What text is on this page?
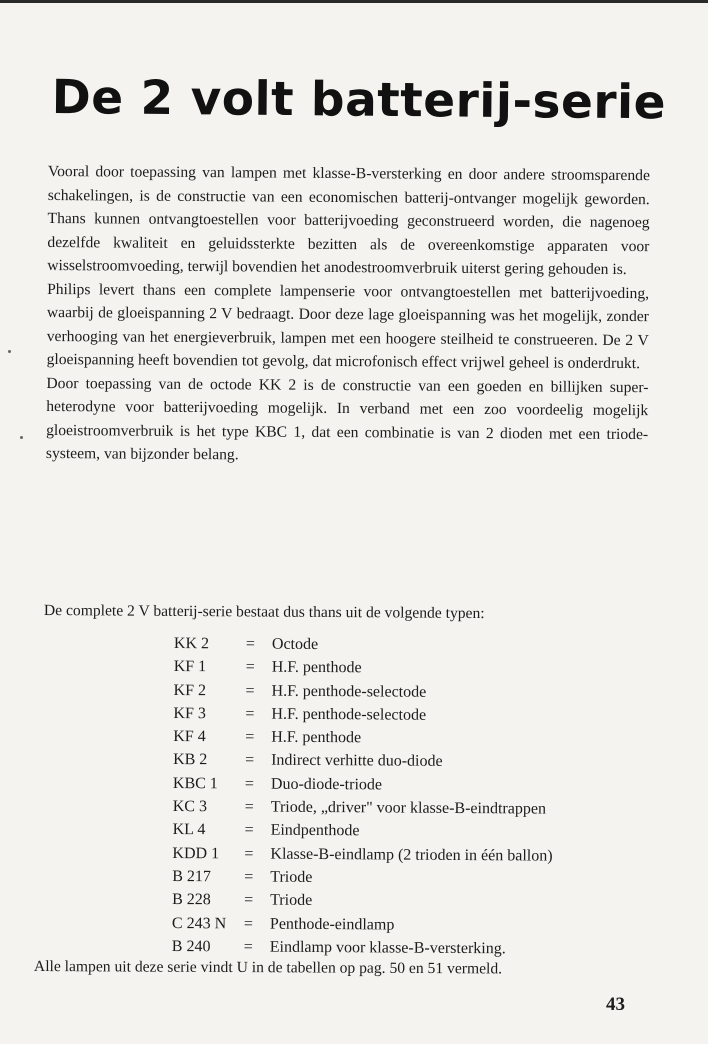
De 2 volt batterij-serie

Vooral door toepassing van lampen met klasse-B-versterking en door andere stroomsparende schakelingen, is de constructie van een economischen batterij-ontvanger mogelijk geworden. Thans kunnen ontvangtoestellen voor batterijvoeding geconstrueerd worden, die nagenoeg dezelfde kwaliteit en geluidssterkte bezitten als de overeenkomstige apparaten voor wisselstroomvoeding, terwijl bovendien het anodestroomverbruik uiterst gering gehouden is.

Philips levert thans een complete lampenserie voor ontvangtoestellen met batterijvoeding, waarbij de gloeispanning 2 V bedraagt. Door deze lage gloeispanning was het mogelijk, zonder verhooging van het energieverbruik, lampen met een hoogere steilheid te construeeren. De 2 V gloeispanning heeft bovendien tot gevolg, dat microfonisch effect vrijwel geheel is onderdrukt.

Door toepassing van de octode KK 2 is de constructie van een goeden en billijken super-heterodyne voor batterijvoeding mogelijk. In verband met een zoo voordeelig mogelijk gloeistroomverbruik is het type KBC 1, dat een combinatie is van 2 dioden met een triode-systeem, van bijzonder belang.

De complete 2 V batterij-serie bestaat dus thans uit de volgende typen:
KK 2 = Octode
KF 1 = H.F. penthode
KF 2 = H.F. penthode-selectode
KF 3 = H.F. penthode-selectode
KF 4 = H.F. penthode
KB 2 = Indirect verhitte duo-diode
KBC 1 = Duo-diode-triode
KC 3 = Triode, „driver" voor klasse-B-eindtrappen
KL 4 = Eindpenthode
KDD 1 = Klasse-B-eindlamp (2 trioden in één ballon)
B 217 = Triode
B 228 = Triode
C 243 N = Penthode-eindlamp
B 240 = Eindlamp voor klasse-B-versterking.
Alle lampen uit deze serie vindt U in de tabellen op pag. 50 en 51 vermeld.
43
